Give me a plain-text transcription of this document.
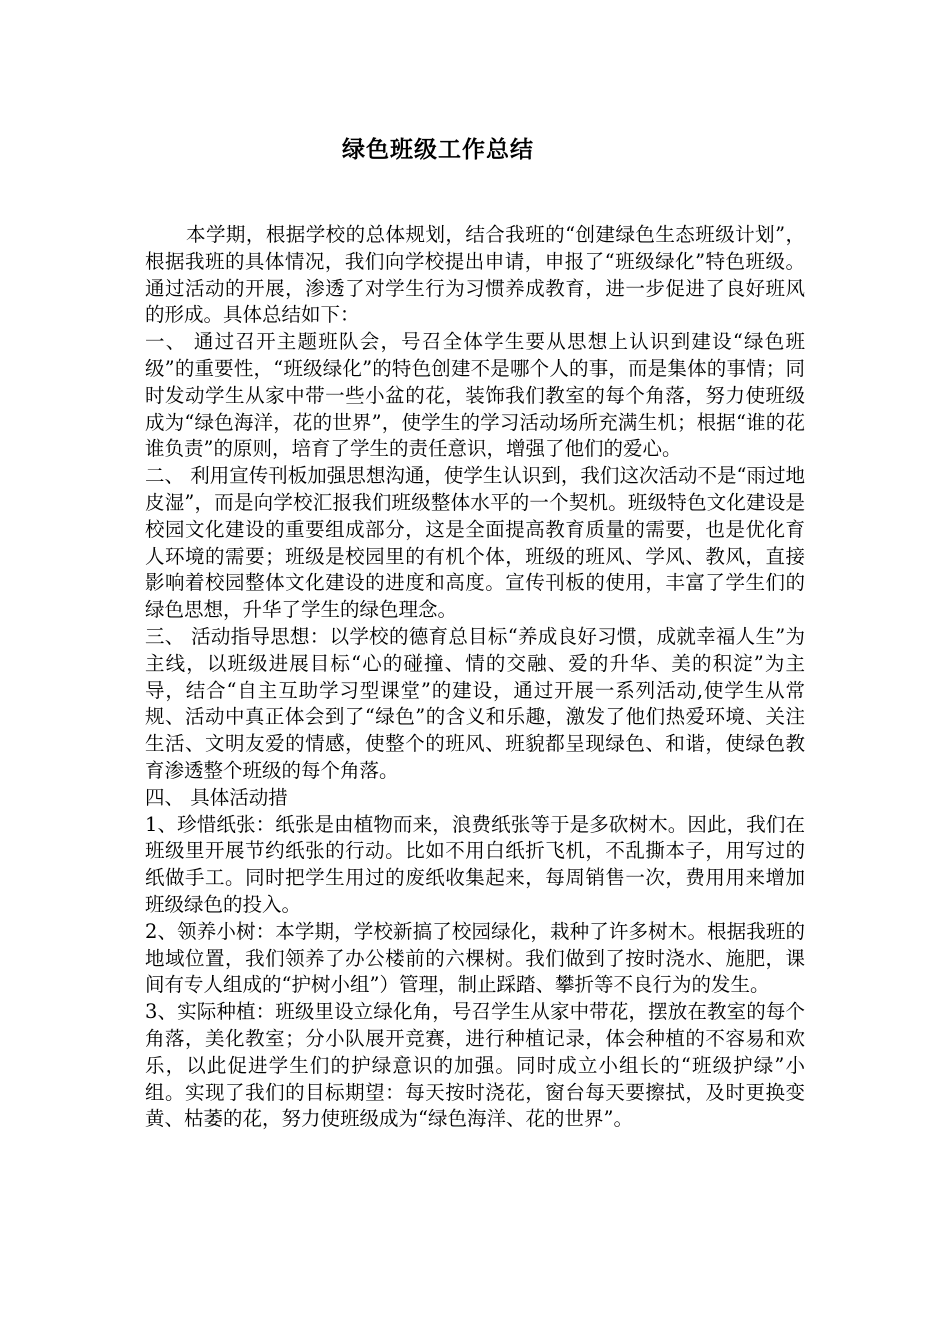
绿色班级工作总结

本学期，根据学校的总体规划，结合我班的“创建绿色生态班级计划”，根据我班的具体情况，我们向学校提出申请，申报了“班级绿化”特色班级。通过活动的开展，渗透了对学生行为习惯养成教育，进一步促进了良好班风的形成。具体总结如下：

一、 通过召开主题班队会，号召全体学生要从思想上认识到建设“绿色班级”的重要性，“班级绿化”的特色创建不是哪个人的事，而是集体的事情；同时发动学生从家中带一些小盆的花，装饰我们教室的每个角落，努力使班级成为“绿色海洋，花的世界”，使学生的学习活动场所充满生机；根据“谁的花谁负责”的原则，培育了学生的责任意识，增强了他们的爱心。

二、 利用宣传刊板加强思想沟通，使学生认识到，我们这次活动不是“雨过地皮湿”，而是向学校汇报我们班级整体水平的一个契机。班级特色文化建设是校园文化建设的重要组成部分，这是全面提高教育质量的需要，也是优化育人环境的需要；班级是校园里的有机个体，班级的班风、学风、教风，直接影响着校园整体文化建设的进度和高度。宣传刊板的使用，丰富了学生们的绿色思想，升华了学生的绿色理念。

三、 活动指导思想：以学校的德育总目标“养成良好习惯，成就幸福人生”为主线，以班级进展目标“心的碰撞、情的交融、爱的升华、美的积淀”为主导，结合“自主互助学习型课堂”的建设，通过开展一系列活动,使学生从常规、活动中真正体会到了“绿色”的含义和乐趣，激发了他们热爱环境、关注生活、文明友爱的情感，使整个的班风、班貌都呈现绿色、和谐，使绿色教育渗透整个班级的每个角落。

四、 具体活动措

1、珍惜纸张：纸张是由植物而来，浪费纸张等于是多砍树木。因此，我们在班级里开展节约纸张的行动。比如不用白纸折飞机，不乱撕本子，用写过的纸做手工。同时把学生用过的废纸收集起来，每周销售一次，费用用来增加班级绿色的投入。

2、领养小树：本学期，学校新搞了校园绿化，栽种了许多树木。根据我班的地域位置，我们领养了办公楼前的六棵树。我们做到了按时浇水、施肥，课间有专人组成的“护树小组”）管理，制止踩踏、攀折等不良行为的发生。

3、实际种植：班级里设立绿化角，号召学生从家中带花，摆放在教室的每个角落，美化教室；分小队展开竞赛，进行种植记录，体会种植的不容易和欢乐，以此促进学生们的护绿意识的加强。同时成立小组长的“班级护绿”小组。实现了我们的目标期望：每天按时浇花，窗台每天要擦拭，及时更换变黄、枯萎的花，努力使班级成为“绿色海洋、花的世界”。
